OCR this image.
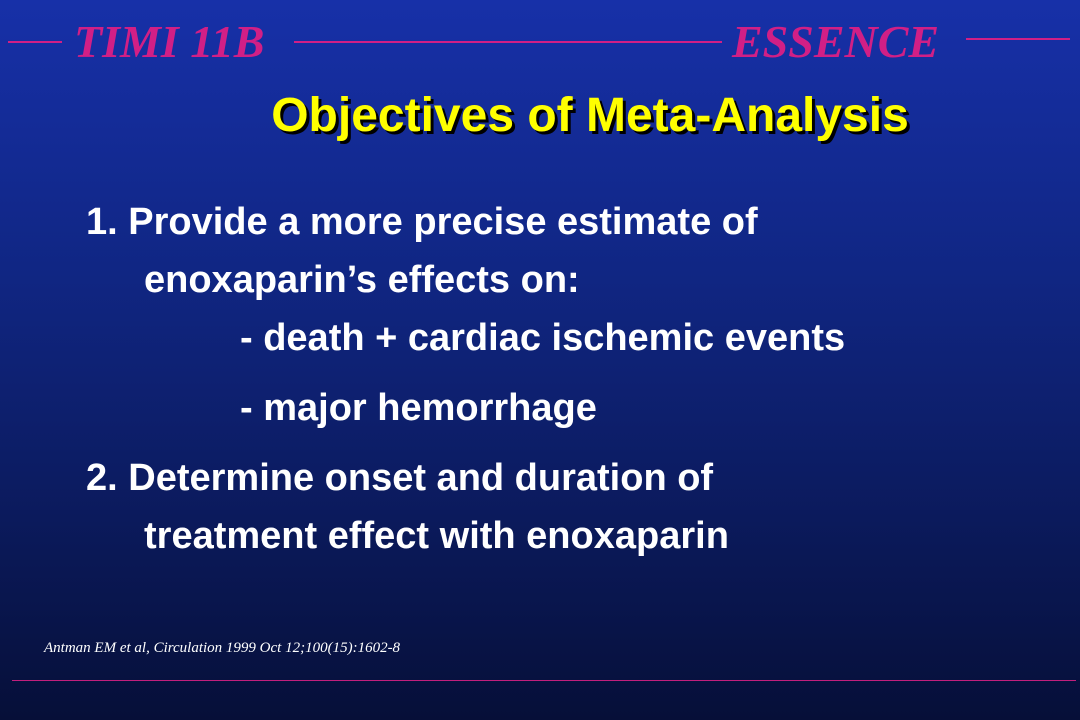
TIMI 11B	ESSENCE
Objectives of Meta-Analysis
1. Provide a more precise estimate of
enoxaparin’s effects on:
- death + cardiac ischemic events
- major hemorrhage
2. Determine onset and duration of
treatment effect with enoxaparin
Antman EM et al, Circulation 1999 Oct 12;100(15):1602-8
